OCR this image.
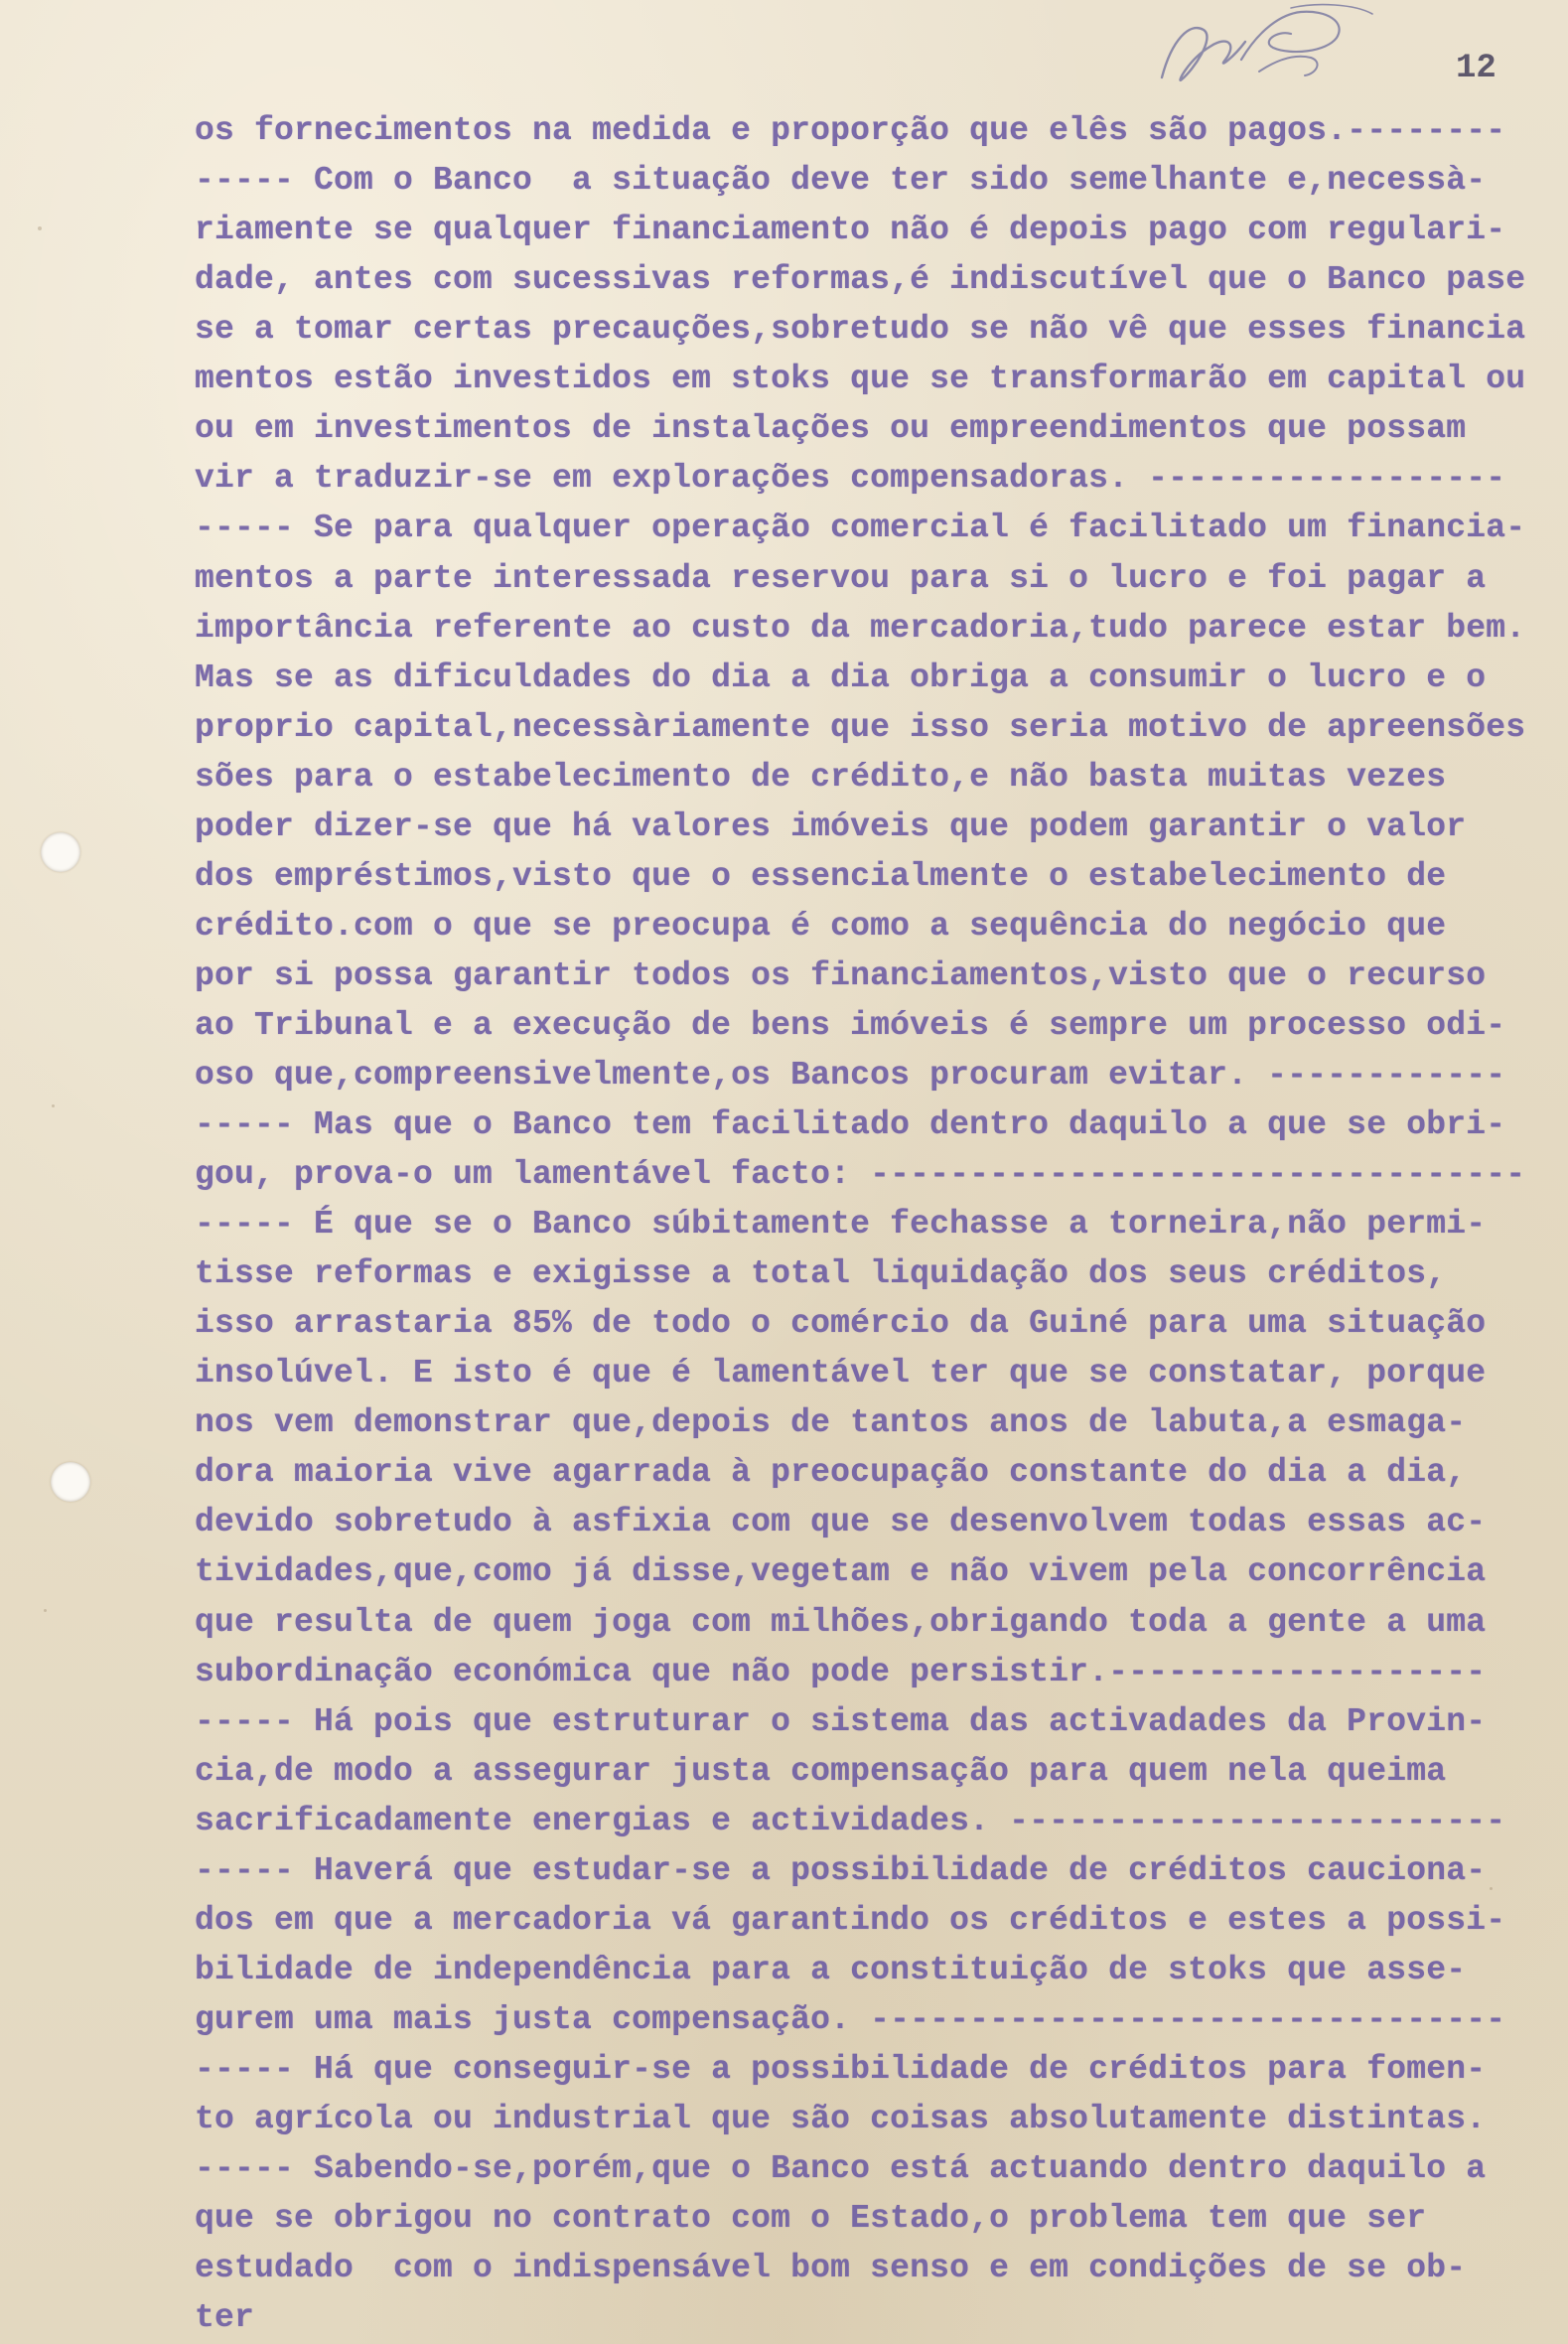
12
os fornecimentos na medida e proporção que elês são pagos.--------
----- Com o Banco  a situação deve ter sido semelhante e,necessà-
riamente se qualquer financiamento não é depois pago com regulari-
dade, antes com sucessivas reformas,é indiscutível que o Banco pase
se a tomar certas precauções,sobretudo se não vê que esses financia
mentos estão investidos em stoks que se transformarão em capital ou
ou em investimentos de instalações ou empreendimentos que possam
vir a traduzir-se em explorações compensadoras. ------------------
----- Se para qualquer operação comercial é facilitado um financia-
mentos a parte interessada reservou para si o lucro e foi pagar a
importância referente ao custo da mercadoria,tudo parece estar bem.
Mas se as dificuldades do dia a dia obriga a consumir o lucro e o
proprio capital,necessàriamente que isso seria motivo de apreensões
sões para o estabelecimento de crédito,e não basta muitas vezes
poder dizer-se que há valores imóveis que podem garantir o valor
dos empréstimos,visto que o essencialmente o estabelecimento de
crédito.com o que se preocupa é como a sequência do negócio que
por si possa garantir todos os financiamentos,visto que o recurso
ao Tribunal e a execução de bens imóveis é sempre um processo odi-
oso que,compreensivelmente,os Bancos procuram evitar. ------------
----- Mas que o Banco tem facilitado dentro daquilo a que se obri-
gou, prova-o um lamentável facto: ---------------------------------
----- É que se o Banco súbitamente fechasse a torneira,não permi-
tisse reformas e exigisse a total liquidação dos seus créditos,
isso arrastaria 85% de todo o comércio da Guiné para uma situação
insolúvel. E isto é que é lamentável ter que se constatar, porque
nos vem demonstrar que,depois de tantos anos de labuta,a esmaga-
dora maioria vive agarrada à preocupação constante do dia a dia,
devido sobretudo à asfixia com que se desenvolvem todas essas ac-
tividades,que,como já disse,vegetam e não vivem pela concorrência
que resulta de quem joga com milhões,obrigando toda a gente a uma
subordinação económica que não pode persistir.-------------------
----- Há pois que estruturar o sistema das activadades da Provin-
cia,de modo a assegurar justa compensação para quem nela queima
sacrificadamente energias e actividades. -------------------------
----- Haverá que estudar-se a possibilidade de créditos cauciona-
dos em que a mercadoria vá garantindo os créditos e estes a possi-
bilidade de independência para a constituição de stoks que asse-
gurem uma mais justa compensação. --------------------------------
----- Há que conseguir-se a possibilidade de créditos para fomen-
to agrícola ou industrial que são coisas absolutamente distintas.
----- Sabendo-se,porém,que o Banco está actuando dentro daquilo a
que se obrigou no contrato com o Estado,o problema tem que ser
estudado  com o indispensável bom senso e em condições de se ob-
ter
